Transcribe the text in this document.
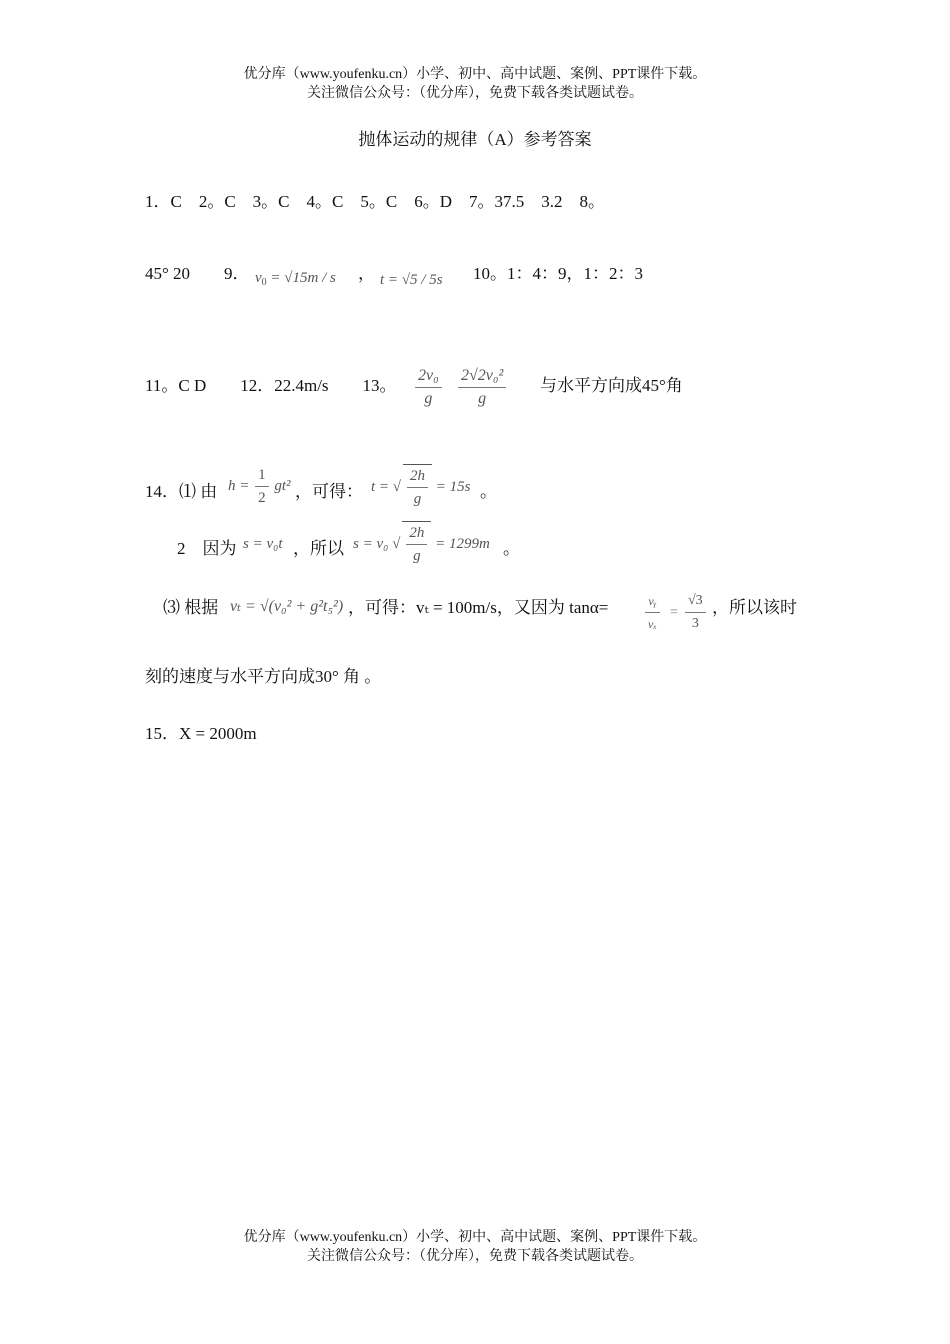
优分库（www.youfenku.cn）小学、初中、高中试题、案例、PPT课件下载。
关注微信公众号：（优分库），免费下载各类试题试卷。
抛体运动的规律（A）参考答案
1．C　2。C　3。C　4。C　5。C　6。D　7。37.5　3.2　8。
45° 20　　9． $v_0 = √15m / s$ ， t = √5 / 5s 10。1：4：9，1：2：3
11。C D　　12．22.4m/s　　13。 $\frac{\text{2v₀}}{g} \frac{\text{2√2v₀²}}{g}$ 与水平方向成45°角
14．⑴ 由 $h = \frac{1}{2} gt^2$ ，可得： t = √ $\frac{2h}{g} = 15s$ 。
2　因为 s = v₀t ，所以 s = v₀ √ $\frac{2h}{g} = 1299m$ 。
⑶ 根据 vₜ = √(v₀² + g²t₅²) ，可得：vₜ = 100m/s，又因为 tanα=	$\frac{\text{vᵧ}}{\text{vₓ}} = \frac{√3}{3}$ ，所以该时
刻的速度与水平方向成30° 角 。
15．X = 2000m
优分库（www.youfenku.cn）小学、初中、高中试题、案例、PPT课件下载。
关注微信公众号：（优分库），免费下载各类试题试卷。
